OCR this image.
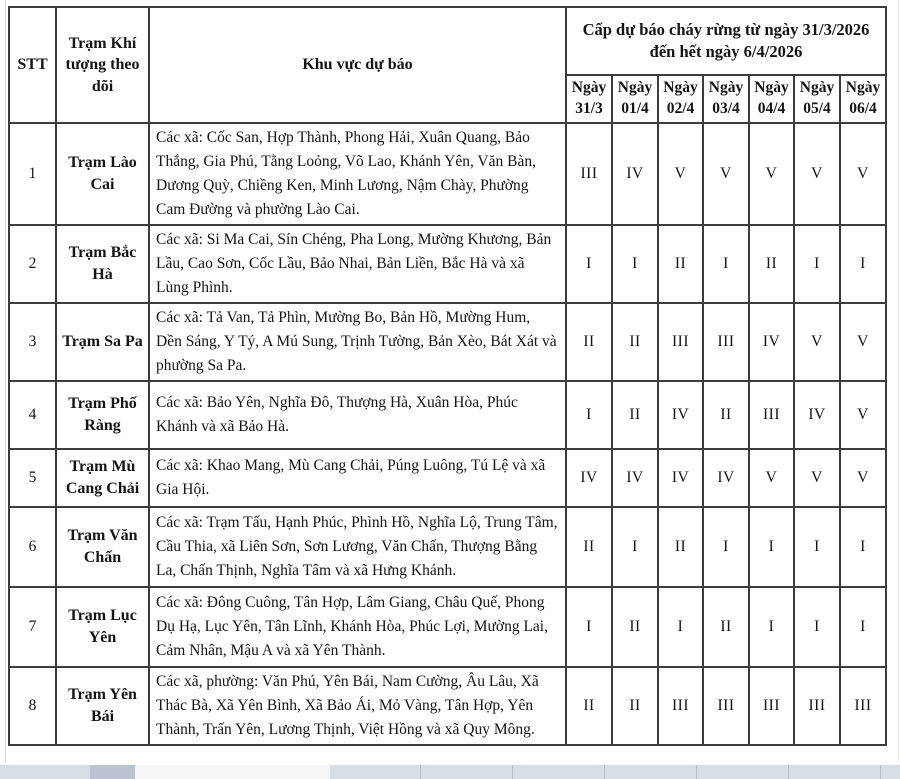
STT	Trạm Khí tượng theo dõi	Khu vực dự báo	Cấp dự báo cháy rừng từ ngày 31/3/2026 đến hết ngày 6/4/2026						
			Ngày 31/3	Ngày 01/4	Ngày 02/4	Ngày 03/4	Ngày 04/4	Ngày 05/4	Ngày 06/4
1	Trạm Lào Cai	Các xã: Cốc San, Hợp Thành, Phong Hải, Xuân Quang, Bảo Thắng, Gia Phú, Tằng Loỏng, Võ Lao, Khánh Yên, Văn Bàn, Dương Quỳ, Chiềng Ken, Minh Lương, Nậm Chày, Phường Cam Đường và phường Lào Cai.	III	IV	V	V	V	V	V
2	Trạm Bắc Hà	Các xã: Si Ma Cai, Sín Chéng, Pha Long, Mường Khương, Bản Lầu, Cao Sơn, Cốc Lầu, Bảo Nhai, Bản Liền, Bắc Hà và xã Lùng Phình.	I	I	II	I	II	I	I
3	Trạm Sa Pa	Các xã: Tả Van, Tả Phìn, Mường Bo, Bản Hồ, Mường Hum, Dền Sáng, Y Tý, A Mú Sung, Trịnh Tường, Bản Xèo, Bát Xát và phường Sa Pa.	II	II	III	III	IV	V	V
4	Trạm Phố Ràng	Các xã: Bảo Yên, Nghĩa Đô, Thượng Hà, Xuân Hòa, Phúc Khánh và xã Bảo Hà.	I	II	IV	II	III	IV	V
5	Trạm Mù Cang Chải	Các xã: Khao Mang, Mù Cang Chải, Púng Luông, Tú Lệ và xã Gia Hội.	IV	IV	IV	IV	V	V	V
6	Trạm Văn Chấn	Các xã: Trạm Tấu, Hạnh Phúc, Phình Hồ, Nghĩa Lộ, Trung Tâm, Cầu Thia, xã Liên Sơn, Sơn Lương, Văn Chấn, Thượng Bằng La, Chấn Thịnh, Nghĩa Tâm và xã Hưng Khánh.	II	I	II	I	I	I	I
7	Trạm Lục Yên	Các xã: Đông Cuông, Tân Hợp, Lâm Giang, Châu Quế, Phong Dụ Hạ, Lục Yên, Tân Lĩnh, Khánh Hòa, Phúc Lợi, Mường Lai, Cảm Nhân, Mậu A và xã Yên Thành.	I	II	I	II	I	I	I
8	Trạm Yên Bái	Các xã, phường: Văn Phú, Yên Bái, Nam Cường, Âu Lâu, Xã Thác Bà, Xã Yên Bình, Xã Bảo Ái, Mỏ Vàng, Tân Hợp, Yên Thành, Trấn Yên, Lương Thịnh, Việt Hồng và xã Quy Mông.	II	II	III	III	III	III	III
